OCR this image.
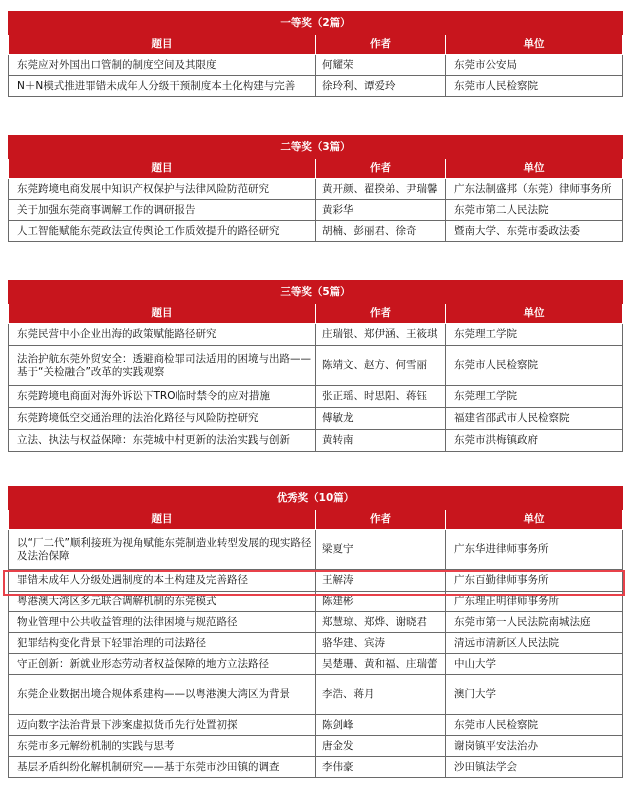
一等奖（2篇）		
题目	作者	单位
东莞应对外国出口管制的制度空间及其限度	何耀荣	东莞市公安局
N＋N模式推进罪错未成年人分级干预制度本土化构建与完善	徐玲利、谭爱玲	东莞市人民检察院
二等奖（3篇）		
题目	作者	单位
东莞跨境电商发展中知识产权保护与法律风险防范研究	黄开颜、翟揆弟、尹瑞馨	广东法制盛邦（东莞）律师事务所
关于加强东莞商事调解工作的调研报告	黄彩华	东莞市第二人民法院
人工智能赋能东莞政法宣传舆论工作质效提升的路径研究	胡楠、彭丽君、徐奇	暨南大学、东莞市委政法委
三等奖（5篇）		
题目	作者	单位
东莞民营中小企业出海的政策赋能路径研究	庄瑞银、郑伊涵、王筱琪	东莞理工学院
法治护航东莞外贸安全：透避商检罪司法适用的困境与出路——基于“关检融合”改革的实践观察	陈靖文、赵方、何雪丽	东莞市人民检察院
东莞跨境电商面对海外诉讼下TRO临时禁令的应对措施	张正瑶、时思阳、蒋钰	东莞理工学院
东莞跨境低空交通治理的法治化路径与风险防控研究	傅敏龙	福建省邵武市人民检察院
立法、执法与权益保障：东莞城中村更新的法治实践与创新	黄转南	东莞市洪梅镇政府
优秀奖（10篇）		
题目	作者	单位
以“厂二代”顺利接班为视角赋能东莞制造业转型发展的现实路径及法治保障	梁夏宁	广东华进律师事务所
罪错未成年人分级处遇制度的本土构建及完善路径	王解涛	广东百勤律师事务所
粤港澳大湾区多元联合调解机制的东莞模式	陈建彬	广东理正明律师事务所
物业管理中公共收益管理的法律困境与规范路径	郑慧琼、郑烨、谢晓君	东莞市第一人民法院南城法庭
犯罪结构变化背景下轻罪治理的司法路径	骆华建、宾涛	清远市清新区人民法院
守正创新：新就业形态劳动者权益保障的地方立法路径	吴楚珊、黄和福、庄瑞蕾	中山大学
东莞企业数据出境合规体系建构——以粤港澳大湾区为背景	李浩、蒋月	澳门大学
迈向数字法治背景下涉案虚拟货币先行处置初探	陈剑峰	东莞市人民检察院
东莞市多元解纷机制的实践与思考	唐金发	谢岗镇平安法治办
基层矛盾纠纷化解机制研究——基于东莞市沙田镇的调查	李伟豪	沙田镇法学会
